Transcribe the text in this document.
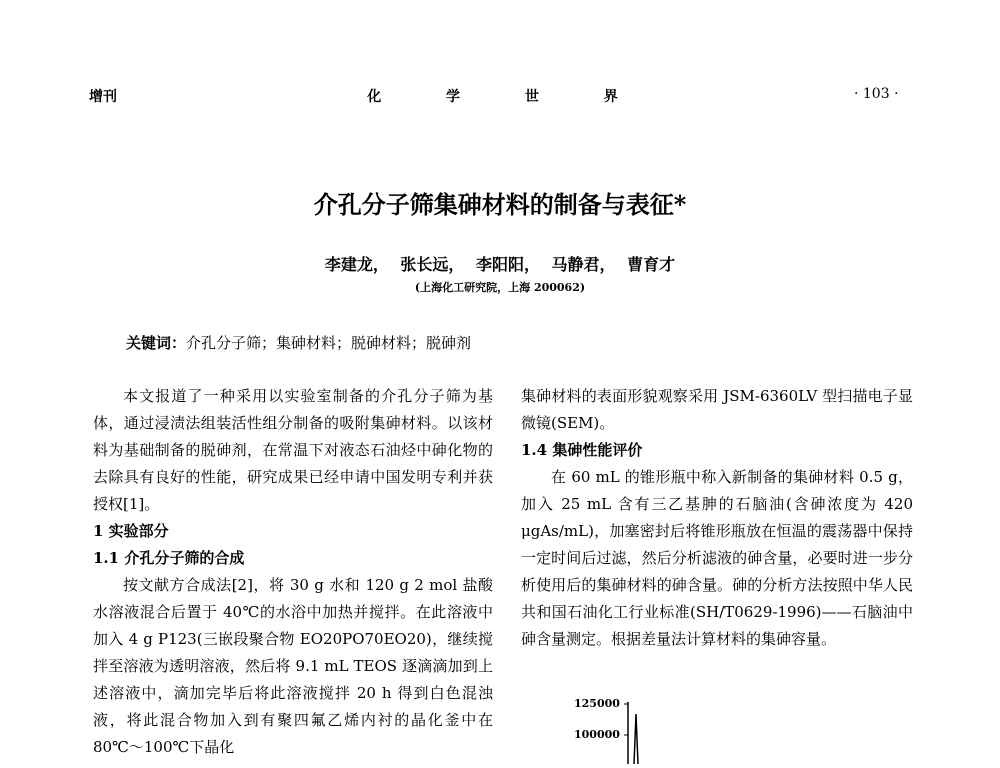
增刊	化 学 世 界	· 103 ·
介孔分子筛集砷材料的制备与表征*
李建龙， 张长远， 李阳阳， 马静君， 曹育才
(上海化工研究院，上海 200062)
关键词：介孔分子筛；集砷材料；脱砷材料；脱砷剂

本文报道了一种采用以实验室制备的介孔分子筛为基体，通过浸渍法组装活性组分制备的吸附集砷材料。以该材料为基础制备的脱砷剂，在常温下对液态石油烃中砷化物的去除具有良好的性能，研究成果已经申请中国发明专利并获授权[1]。

1 实验部分

1.1 介孔分子筛的合成

按文献方合成法[2]，将 30 g 水和 120 g 2 mol 盐酸水溶液混合后置于 40℃的水浴中加热并搅拌。在此溶液中加入 4 g P123(三嵌段聚合物 EO20PO70EO20)，继续搅拌至溶液为透明溶液，然后将 9.1 mL TEOS 逐滴滴加到上述溶液中，滴加完毕后将此溶液搅拌 20 h 得到白色混浊液，将此混合物加入到有聚四氟乙烯内衬的晶化釜中在 80℃～100℃下晶化

集砷材料的表面形貌观察采用 JSM-6360LV 型扫描电子显微镜(SEM)。

1.4 集砷性能评价

在 60 mL 的锥形瓶中称入新制备的集砷材料 0.5 g，加入 25 mL 含有三乙基胂的石脑油(含砷浓度为 420 μgAs/mL)，加塞密封后将锥形瓶放在恒温的震荡器中保持一定时间后过滤，然后分析滤液的砷含量，必要时进一步分析使用后的集砷材料的砷含量。砷的分析方法按照中华人民共和国石油化工行业标准(SH/T0629-1996)——石脑油中砷含量测定。根据差量法计算材料的集砷容量。

125000
100000
